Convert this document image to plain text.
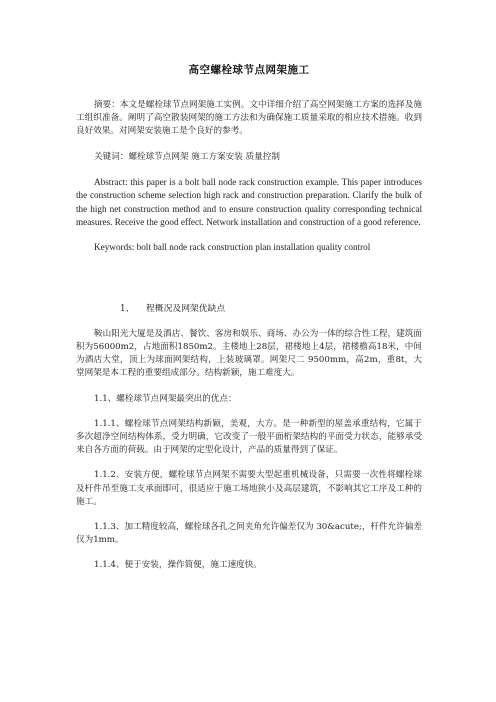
高空螺栓球节点网架施工

摘要：本文是螺栓球节点网架施工实例。文中详细介绍了高空网架施工方案的选择及施工组织准备。阐明了高空散装网架的施工方法和为确保施工质量采取的相应技术措施。收到良好效果。对网架安装施工是个良好的参考。

关键词：螺栓球节点网架 施工方案安装 质量控制

Abstract: this paper is a bolt ball node rack construction example. This paper introduces the construction scheme selection high rack and construction preparation. Clarify the bulk of the high net construction method and to ensure construction quality corresponding technical measures. Receive the good effect. Network installation and construction of a good reference.

Keywords: bolt ball node rack construction plan installation quality control

1、 程概况及网架优缺点

鞍山阳光大厦是及酒店、餐饮、客房和娱乐、商场、办公为一体的综合性工程，建筑面积为56000m2，占地面积1850m2。主楼地上28层，裙楼地上4层，裙楼檐高18米，中间为酒店大堂，顶上为球面网架结构，上装玻璃罩。网架尺二 9500mm，高2m，重8t，大堂网架是本工程的重要组成部分。结构新颖，施工难度大。

1.1、螺栓球节点网架最突出的优点：

1.1.1、螺栓球节点网架结构新颖，美观，大方。是一种新型的屋盖承重结构，它属于多次超净空间结构体系，受力明确，它改变了一般平面桁架结构的平面受力状态，能够承受来自各方面的荷载。由于网架的定型化设计，产品的质量得到了保证。

1.1.2、安装方便，螺栓球节点网架不需要大型起重机械设备，只需要一次性将螺栓球及杆件吊至施工支承面即可，很适应于施工场地狭小及高层建筑，不影响其它工序及工种的施工。

1.1.3、加工精度较高，螺栓球各孔之间夹角允许偏差仅为 30&acute;，杆件允许偏差仅为1mm。

1.1.4、便于安装，操作简便，施工速度快。
